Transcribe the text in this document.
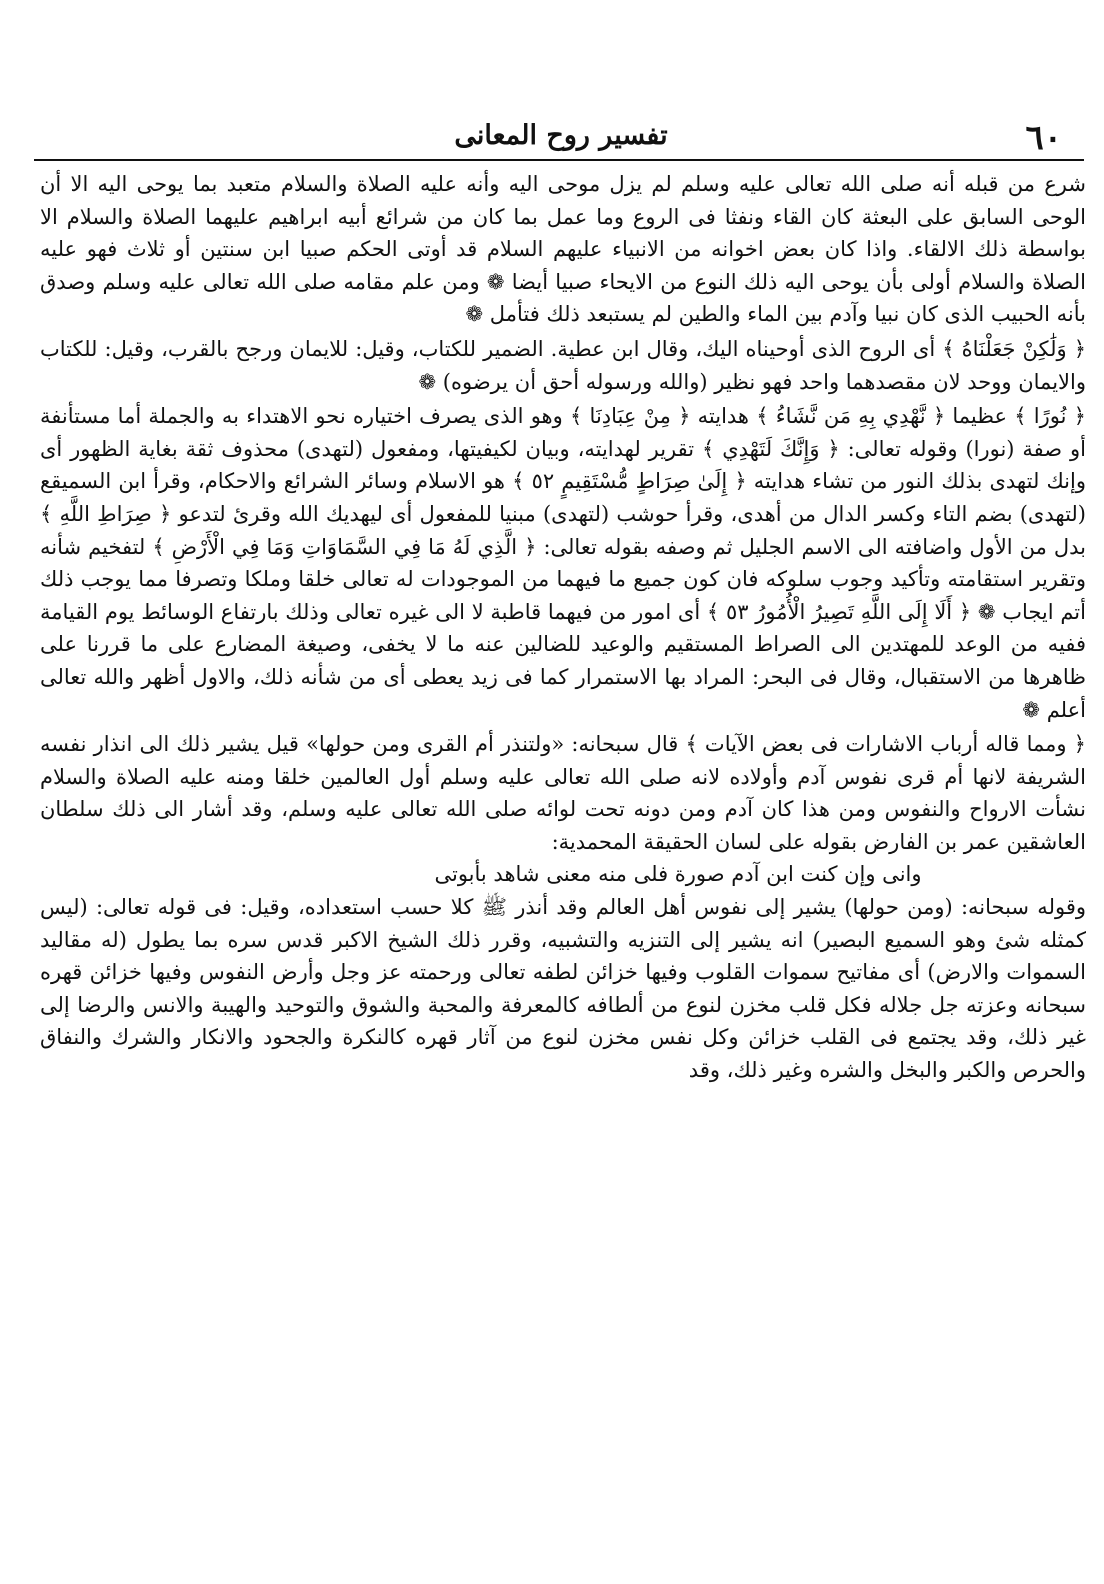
٦٠
تفسير روح المعانى

شرع من قبله أنه صلى الله تعالى عليه وسلم لم يزل موحى اليه وأنه عليه الصلاة والسلام متعبد بما يوحى اليه الا أن الوحى السابق على البعثة كان القاء ونفثا فى الروع وما عمل بما كان من شرائع أبيه ابراهيم عليهما الصلاة والسلام الا بواسطة ذلك الالقاء. واذا كان بعض اخوانه من الانبياء عليهم السلام قد أوتى الحكم صبيا ابن سنتين أو ثلاث فهو عليه الصلاة والسلام أولى بأن يوحى اليه ذلك النوع من الايحاء صبيا أيضا ❁ ومن علم مقامه صلى الله تعالى عليه وسلم وصدق بأنه الحبيب الذى كان نبيا وآدم بين الماء والطين لم يستبعد ذلك فتأمل ❁

﴿ وَلَٰكِنْ جَعَلْنَاهُ ﴾ أى الروح الذى أوحيناه اليك، وقال ابن عطية. الضمير للكتاب، وقيل: للايمان ورجح بالقرب، وقيل: للكتاب والايمان ووحد لان مقصدهما واحد فهو نظير (والله ورسوله أحق أن يرضوه) ❁

﴿ نُورًا ﴾ عظيما ﴿ نَّهْدِي بِهِ مَن نَّشَاءُ ﴾ هدايته ﴿ مِنْ عِبَادِنَا ﴾ وهو الذى يصرف اختياره نحو الاهتداء به والجملة أما مستأنفة أو صفة (نورا) وقوله تعالى: ﴿ وَإِنَّكَ لَتَهْدِي ﴾ تقرير لهدايته، وبيان لكيفيتها، ومفعول (لتهدى) محذوف ثقة بغاية الظهور أى وإنك لتهدى بذلك النور من تشاء هدايته ﴿ إِلَىٰ صِرَاطٍ مُّسْتَقِيمٍ ٥٢ ﴾ هو الاسلام وسائر الشرائع والاحكام، وقرأ ابن السميقع (لتهدى) بضم التاء وكسر الدال من أهدى، وقرأ حوشب (لتهدى) مبنيا للمفعول أى ليهديك الله وقرئ لتدعو ﴿ صِرَاطِ اللَّهِ ﴾ بدل من الأول واضافته الى الاسم الجليل ثم وصفه بقوله تعالى: ﴿ الَّذِي لَهُ مَا فِي السَّمَاوَاتِ وَمَا فِي الْأَرْضِ ﴾ لتفخيم شأنه وتقرير استقامته وتأكيد وجوب سلوكه فان كون جميع ما فيهما من الموجودات له تعالى خلقا وملكا وتصرفا مما يوجب ذلك أتم ايجاب ❁ ﴿ أَلَا إِلَى اللَّهِ تَصِيرُ الْأُمُورُ ٥٣ ﴾ أى امور من فيهما قاطبة لا الى غيره تعالى وذلك بارتفاع الوسائط يوم القيامة ففيه من الوعد للمهتدين الى الصراط المستقيم والوعيد للضالين عنه ما لا يخفى، وصيغة المضارع على ما قررنا على ظاهرها من الاستقبال، وقال فى البحر: المراد بها الاستمرار كما فى زيد يعطى أى من شأنه ذلك، والاول أظهر والله تعالى أعلم ❁

﴿ ومما قاله أرباب الاشارات فى بعض الآيات ﴾ قال سبحانه: «ولتنذر أم القرى ومن حولها» قيل يشير ذلك الى انذار نفسه الشريفة لانها أم قرى نفوس آدم وأولاده لانه صلى الله تعالى عليه وسلم أول العالمين خلقا ومنه عليه الصلاة والسلام نشأت الارواح والنفوس ومن هذا كان آدم ومن دونه تحت لوائه صلى الله تعالى عليه وسلم، وقد أشار الى ذلك سلطان العاشقين عمر بن الفارض بقوله على لسان الحقيقة المحمدية:

وانى وإن كنت ابن آدم صورة فلى منه معنى شاهد بأبوتى

وقوله سبحانه: (ومن حولها) يشير إلى نفوس أهل العالم وقد أنذر ﷺ كلا حسب استعداده، وقيل: فى قوله تعالى: (ليس كمثله شئ وهو السميع البصير) انه يشير إلى التنزيه والتشبيه، وقرر ذلك الشيخ الاكبر قدس سره بما يطول (له مقاليد السموات والارض) أى مفاتيح سموات القلوب وفيها خزائن لطفه تعالى ورحمته عز وجل وأرض النفوس وفيها خزائن قهره سبحانه وعزته جل جلاله فكل قلب مخزن لنوع من ألطافه كالمعرفة والمحبة والشوق والتوحيد والهيبة والانس والرضا إلى غير ذلك، وقد يجتمع فى القلب خزائن وكل نفس مخزن لنوع من آثار قهره كالنكرة والجحود والانكار والشرك والنفاق والحرص والكبر والبخل والشره وغير ذلك، وقد
